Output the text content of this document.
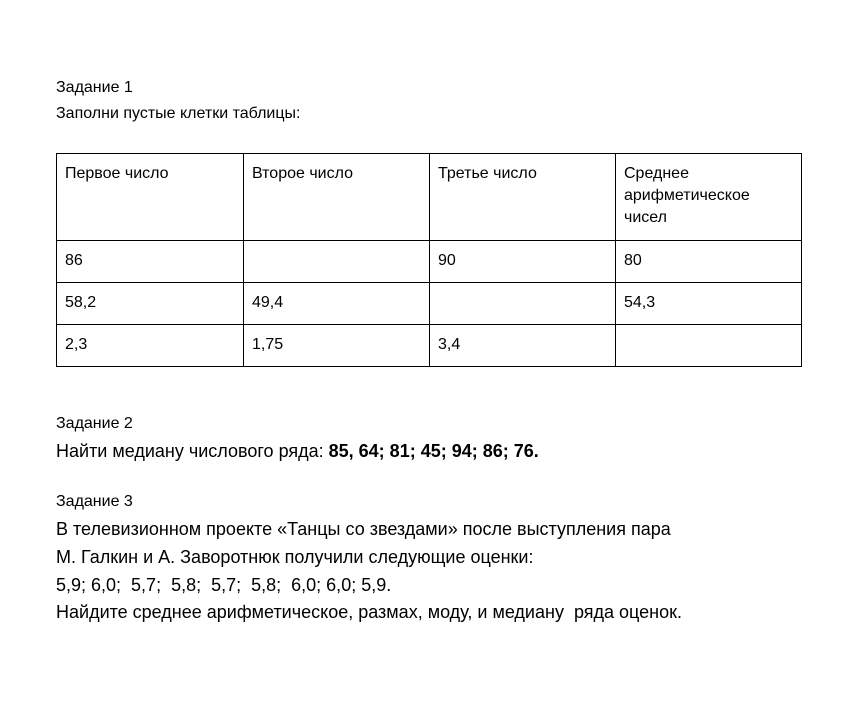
Задание 1
Заполни пустые клетки таблицы:
Первое число	Второе число	Третье число	Среднее арифметическое чисел
86		90	80
58,2	49,4		54,3
2,3	1,75	3,4	
Задание 2
Найти медиану числового ряда: 85, 64; 81; 45; 94; 86; 76.
Задание 3
В телевизионном проекте «Танцы со звездами» после выступления пара
М. Галкин и А. Заворотнюк получили следующие оценки:
5,9; 6,0;  5,7;  5,8;  5,7;  5,8;  6,0; 6,0; 5,9.
Найдите среднее арифметическое, размах, моду, и медиану  ряда оценок.
